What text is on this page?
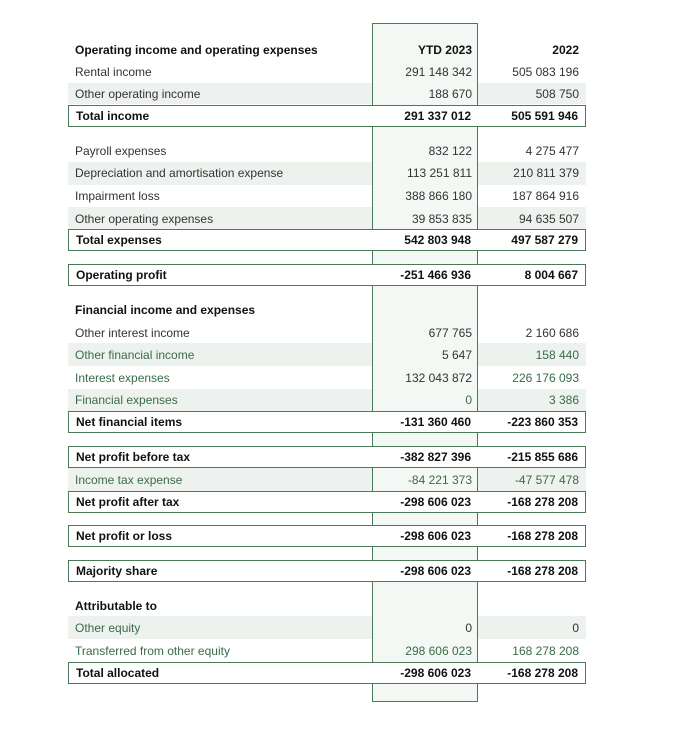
Operating income and operating expenses	YTD 2023	2022
Rental income	291 148 342	505 083 196
Other operating income	188 670	508 750
Total income	291 337 012	505 591 946
Payroll expenses	832 122	4 275 477
Depreciation and amortisation expense	113 251 811	210 811 379
Impairment loss	388 866 180	187 864 916
Other operating expenses	39 853 835	94 635 507
Total expenses	542 803 948	497 587 279
Operating profit	-251 466 936	8 004 667
Financial income and expenses
Other interest income	677 765	2 160 686
Other financial income	5 647	158 440
Interest expenses	132 043 872	226 176 093
Financial expenses	0	3 386
Net financial items	-131 360 460	-223 860 353
Net profit before tax	-382 827 396	-215 855 686
Income tax expense	-84 221 373	-47 577 478
Net profit after tax	-298 606 023	-168 278 208
Net profit or loss	-298 606 023	-168 278 208
Majority share	-298 606 023	-168 278 208
Attributable to
Other equity	0	0
Transferred from other equity	298 606 023	168 278 208
Total allocated	-298 606 023	-168 278 208
